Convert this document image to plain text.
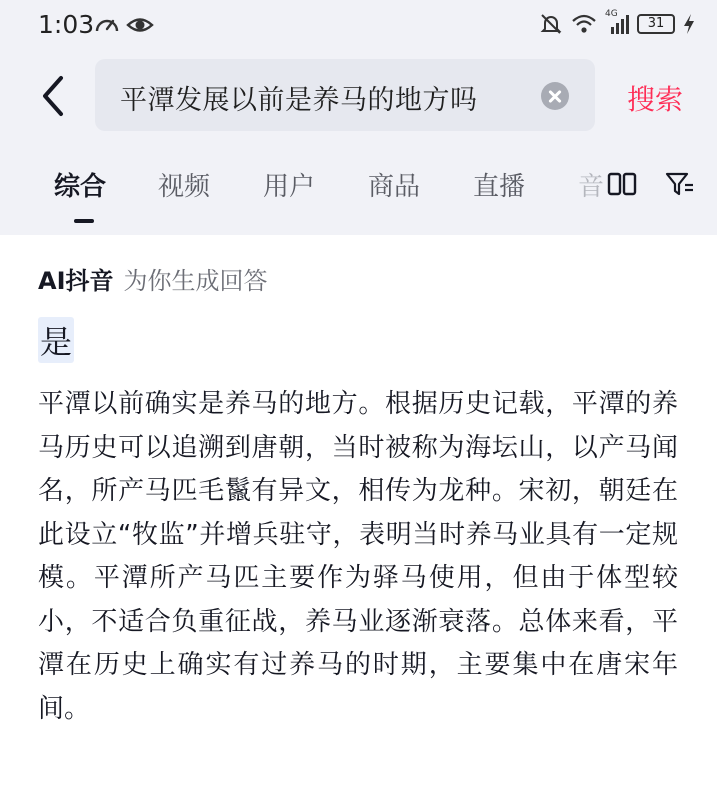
1:03	4G
31
平潭发展以前是养马的地方吗	搜索
综合 视频 用户 商品 直播 音
AI抖音 为你生成回答
是
平潭以前确实是养马的地方。根据历史记载，平潭的养马历史可以追溯到唐朝，当时被称为海坛山，以产马闻名，所产马匹毛鬣有异文，相传为龙种。宋初，朝廷在此设立“牧监”并增兵驻守，表明当时养马业具有一定规模。平潭所产马匹主要作为驿马使用，但由于体型较小，不适合负重征战，养马业逐渐衰落。总体来看，平潭在历史上确实有过养马的时期，主要集中在唐宋年间。
